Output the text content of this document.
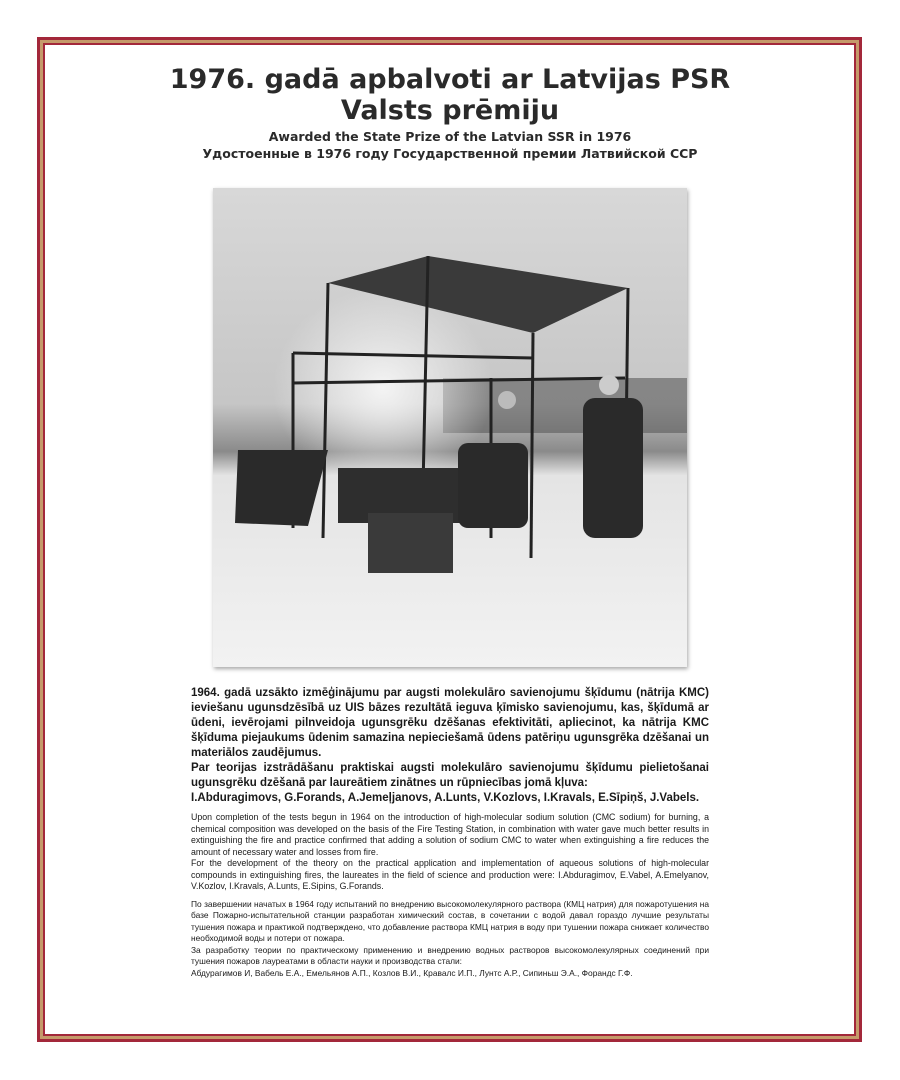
1976. gadā apbalvoti ar Latvijas PSR
Valsts prēmiju
Awarded the State Prize of the Latvian SSR in 1976
Удостоенные в 1976 году Государственной премии Латвийской ССР

1964. gadā uzsākto izmēģinājumu par augsti molekulāro savienojumu šķīdumu (nātrija KMC) ieviešanu ugunsdzēsībā uz UIS bāzes rezultātā ieguva ķīmisko savienojumu, kas, šķīdumā ar ūdeni, ievērojami pilnveidoja ugunsgrēku dzēšanas efektivitāti, apliecinot, ka nātrija KMC šķīduma piejaukums ūdenim samazina nepieciešamā ūdens patēriņu ugunsgrēka dzēšanai un materiālos zaudējumus.

Par teorijas izstrādāšanu praktiskai augsti molekulāro savienojumu šķīdumu pielietošanai ugunsgrēku dzēšanā par laureātiem zinātnes un rūpniecības jomā kļuva:

I.Abduragimovs, G.Forands, A.Jemeļjanovs, A.Lunts, V.Kozlovs, I.Kravals, E.Sīpiņš, J.Vabels.

Upon completion of the tests begun in 1964 on the introduction of high-molecular sodium solution (CMC sodium) for burning, a chemical composition was developed on the basis of the Fire Testing Station, in combination with water gave much better results in extinguishing the fire and practice confirmed that adding a solution of sodium CMC to water when extinguishing a fire reduces the amount of necessary water and losses from fire.

For the development of the theory on the practical application and implementation of aqueous solutions of high-molecular compounds in extinguishing fires, the laureates in the field of science and production were: I.Abduragimov, E.Vabel, A.Emelyanov, V.Kozlov, I.Kravals, A.Lunts, E.Sipins, G.Forands.

По завершении начатых в 1964 году испытаний по внедрению высокомолекулярного раствора (КМЦ натрия) для пожаротушения на базе Пожарно-испытательной станции разработан химический состав, в сочетании с водой давал гораздо лучшие результаты тушения пожара и практикой подтверждено, что добавление раствора КМЦ натрия в воду при тушении пожара снижает количество необходимой воды и потери от пожара.

За разработку теории по практическому применению и внедрению водных растворов высокомолекулярных соединений при тушения пожаров лауреатами в области науки и производства стали:

Абдурагимов И, Вабель Е.А., Емельянов А.П., Козлов В.И., Кравалс И.П., Лунтс А.Р., Сипиньш Э.А., Форандс Г.Ф.
